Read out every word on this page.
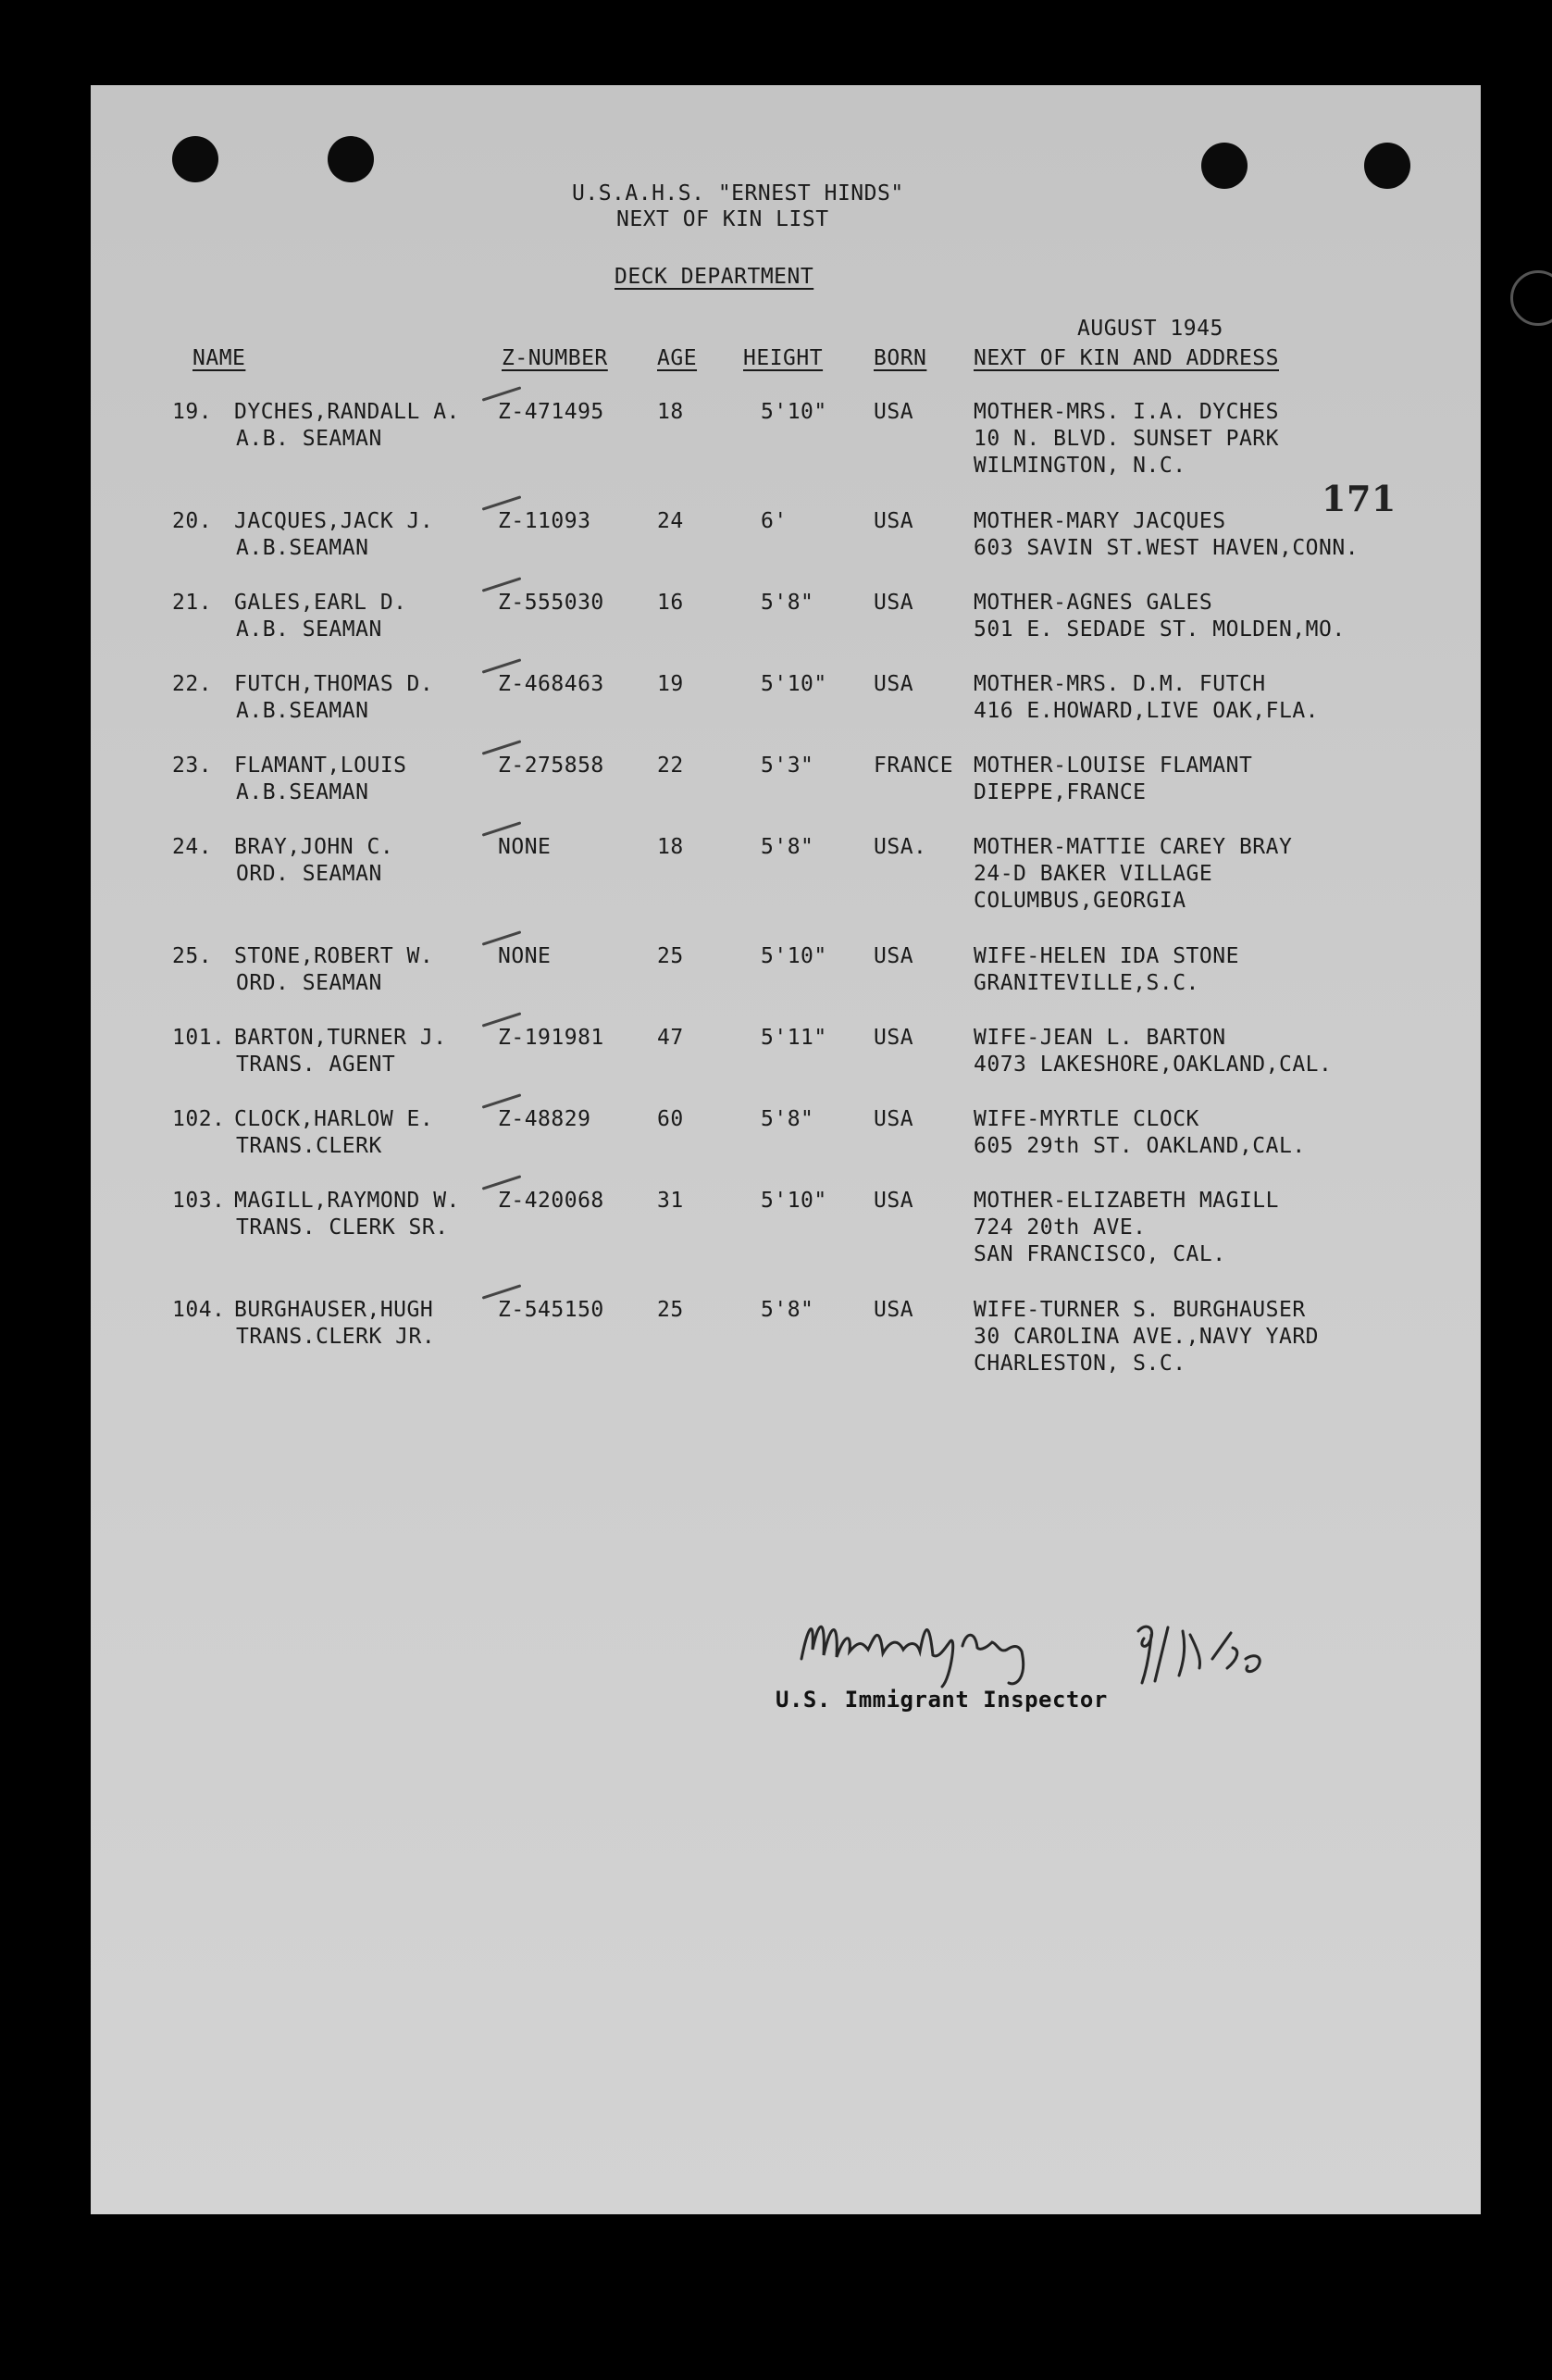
U.S.A.H.S. "ERNEST HINDS"
NEXT OF KIN LIST
DECK DEPARTMENT
AUGUST 1945
NAME	Z-NUMBER AGE HEIGHT BORN NEXT OF KIN AND ADDRESS
171
19. DYCHES,RANDALL A.
A.B. SEAMAN
Z-471495 18	5'10" USA	MOTHER-MRS. I.A. DYCHES
10 N. BLVD. SUNSET PARK
WILMINGTON, N.C.
20. JACQUES,JACK J.
A.B.SEAMAN
Z-11093	24	6'	USA	MOTHER-MARY JACQUES
603 SAVIN ST.WEST HAVEN,CONN.
21. GALES,EARL D.
A.B. SEAMAN
Z-555030 16	5'8"	USA	MOTHER-AGNES GALES
501 E. SEDADE ST. MOLDEN,MO.
22. FUTCH,THOMAS D.
A.B.SEAMAN
Z-468463 19	5'10" USA	MOTHER-MRS. D.M. FUTCH
416 E.HOWARD,LIVE OAK,FLA.
23. FLAMANT,LOUIS
A.B.SEAMAN
Z-275858 22	5'3"	FRANCE MOTHER-LOUISE FLAMANT
DIEPPE,FRANCE
24. BRAY,JOHN C.
ORD. SEAMAN
NONE	18	5'8"	USA. MOTHER-MATTIE CAREY BRAY
24-D BAKER VILLAGE
COLUMBUS,GEORGIA
25. STONE,ROBERT W.
ORD. SEAMAN
NONE	25	5'10" USA	WIFE-HELEN IDA STONE
GRANITEVILLE,S.C.
101. BARTON,TURNER J.
TRANS. AGENT
Z-191981 47	5'11" USA	WIFE-JEAN L. BARTON
4073 LAKESHORE,OAKLAND,CAL.
102. CLOCK,HARLOW E.
TRANS.CLERK
Z-48829	60	5'8"	USA	WIFE-MYRTLE CLOCK
605 29th ST. OAKLAND,CAL.
103. MAGILL,RAYMOND W.
TRANS. CLERK SR.
Z-420068 31	5'10" USA	MOTHER-ELIZABETH MAGILL
724 20th AVE.
SAN FRANCISCO, CAL.
104. BURGHAUSER,HUGH
TRANS.CLERK JR.
Z-545150 25	5'8"	USA	WIFE-TURNER S. BURGHAUSER
30 CAROLINA AVE.,NAVY YARD
CHARLESTON, S.C.
U.S. Immigrant Inspector
